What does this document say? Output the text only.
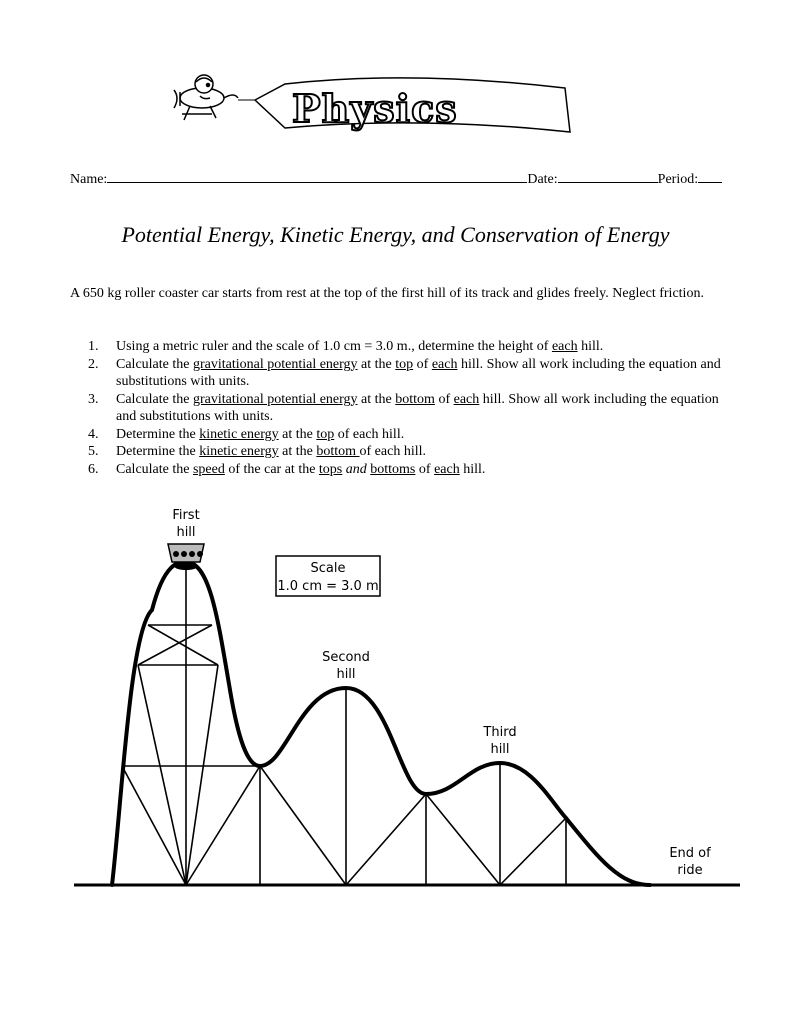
Physics
Name:	Date:	Period:
Potential Energy, Kinetic Energy, and Conservation of Energy
A 650 kg roller coaster car starts from rest at the top of the first hill of its track and glides freely. Neglect friction.
1. Using a metric ruler and the scale of 1.0 cm = 3.0 m., determine the height of each hill.
2. Calculate the gravitational potential energy at the top of each hill. Show all work including the equation and substitutions with units.
3. Calculate the gravitational potential energy at the bottom of each hill. Show all work including the equation and substitutions with units.
4. Determine the kinetic energy at the top of each hill.
5. Determine the kinetic energy at the bottom of each hill.
6. Calculate the speed of the car at the tops and bottoms of each hill.
First
hill
Scale
1.0 cm = 3.0 m
Second
hill
Third
hill
End of
ride
